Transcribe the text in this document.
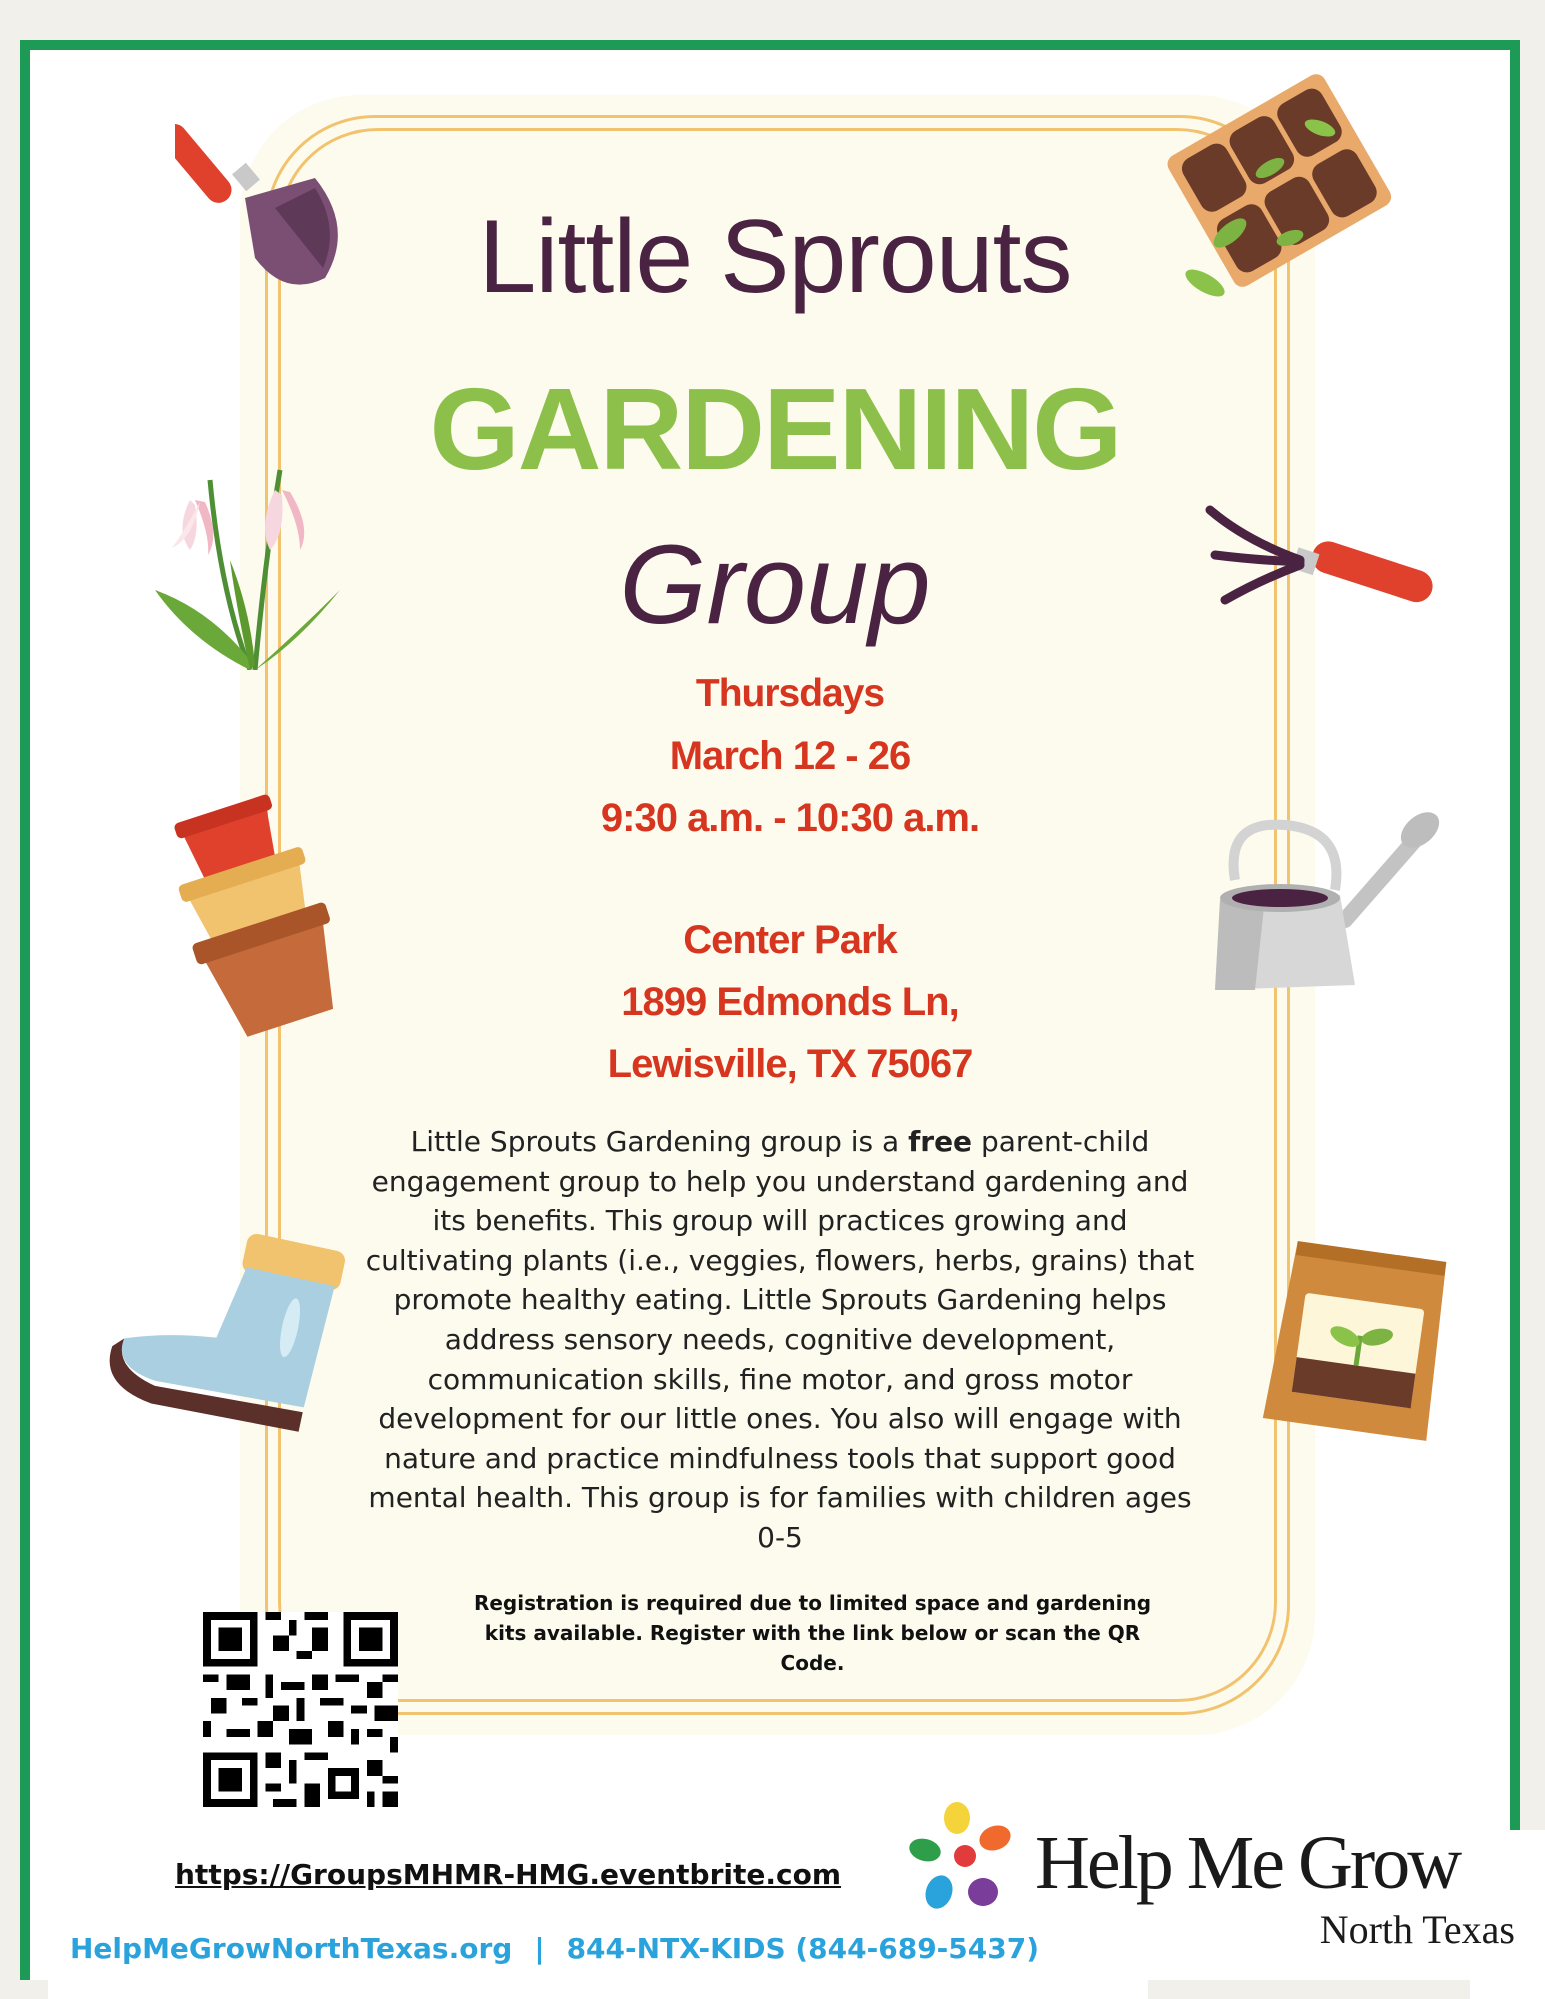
Little Sprouts
GARDENING
Group
Thursdays
March 12 - 26
9:30 a.m. - 10:30 a.m.
Center Park
1899 Edmonds Ln,
Lewisville, TX 75067
Little Sprouts Gardening group is a free parent-child engagement group to help you understand gardening and its benefits. This group will practices growing and cultivating plants (i.e., veggies, flowers, herbs, grains) that promote healthy eating. Little Sprouts Gardening helps address sensory needs, cognitive development, communication skills, fine motor, and gross motor development for our little ones. You also will engage with nature and practice mindfulness tools that support good mental health. This group is for families with children ages 0-5
Registration is required due to limited space and gardening kits available. Register with the link below or scan the QR Code.
https://GroupsMHMR-HMG.eventbrite.com
HelpMeGrowNorthTexas.org | 844-NTX-KIDS (844-689-5437)
Help Me Grow
North Texas
